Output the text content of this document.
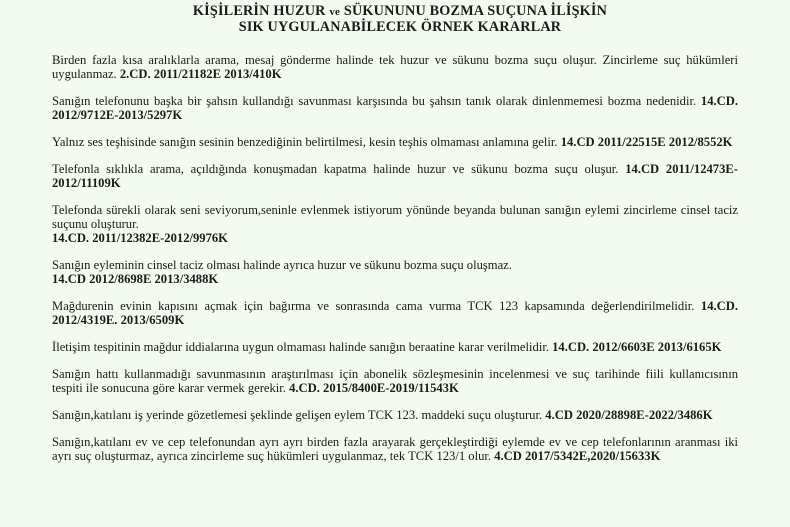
KİŞİLERİN HUZUR ve SÜKUNUNU BOZMA SUÇUNA İLİŞKİN
SIK UYGULANABİLECEK ÖRNEK KARARLAR
Birden fazla kısa aralıklarla arama, mesaj gönderme halinde tek huzur ve sükunu bozma suçu oluşur. Zincirleme suç hükümleri uygulanmaz. 2.CD. 2011/21182E 2013/410K
Sanığın telefonunu başka bir şahsın kullandığı savunması karşısında bu şahsın tanık olarak dinlenmemesi bozma nedenidir. 14.CD. 2012/9712E-2013/5297K
Yalnız ses teşhisinde sanığın sesinin benzediğinin belirtilmesi, kesin teşhis olmaması anlamına gelir. 14.CD 2011/22515E 2012/8552K
Telefonla sıklıkla arama, açıldığında konuşmadan kapatma halinde huzur ve sükunu bozma suçu oluşur. 14.CD 2011/12473E-2012/11109K
Telefonda sürekli olarak seni seviyorum,seninle evlenmek istiyorum yönünde beyanda bulunan sanığın eylemi zincirleme cinsel taciz suçunu oluşturur.
14.CD. 2011/12382E-2012/9976K
Sanığın eyleminin cinsel taciz olması halinde ayrıca huzur ve sükunu bozma suçu oluşmaz.
14.CD 2012/8698E 2013/3488K
Mağdurenin evinin kapısını açmak için bağırma ve sonrasında cama vurma TCK 123 kapsamında değerlendirilmelidir. 14.CD. 2012/4319E. 2013/6509K
İletişim tespitinin mağdur iddialarına uygun olmaması halinde sanığın beraatine karar verilmelidir. 14.CD. 2012/6603E 2013/6165K
Sanığın hattı kullanmadığı savunmasının araştırılması için abonelik sözleşmesinin incelenmesi ve suç tarihinde fiili kullanıcısının tespiti ile sonucuna göre karar vermek gerekir. 4.CD. 2015/8400E-2019/11543K
Sanığın,katılanı iş yerinde gözetlemesi şeklinde gelişen eylem TCK 123. maddeki suçu oluşturur. 4.CD 2020/28898E-2022/3486K
Sanığın,katılanı ev ve cep telefonundan ayrı ayrı birden fazla arayarak gerçekleştirdiği eylemde ev ve cep telefonlarının aranması iki ayrı suç oluşturmaz, ayrıca zincirleme suç hükümleri uygulanmaz, tek TCK 123/1 olur. 4.CD 2017/5342E,2020/15633K
